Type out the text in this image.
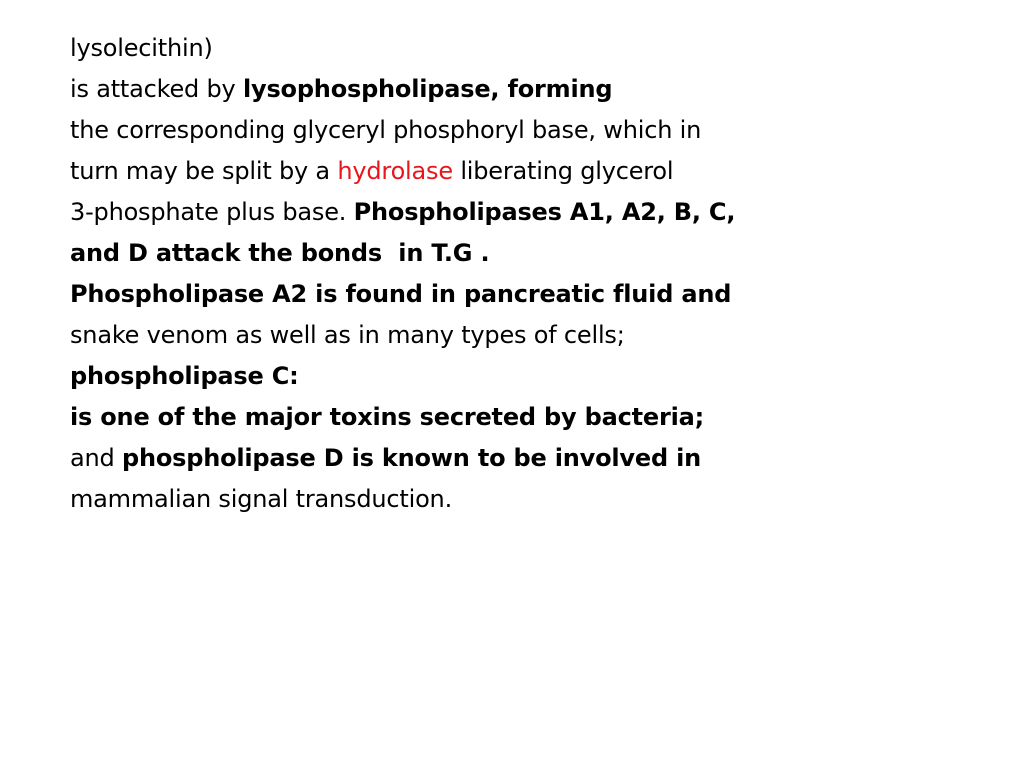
lysolecithin)
is attacked by lysophospholipase, forming
the corresponding glyceryl phosphoryl base, which in
turn may be split by a hydrolase liberating glycerol
3-phosphate plus base. Phospholipases A1, A2, B, C,
and D attack the bonds  in T.G .
Phospholipase A2 is found in pancreatic fluid and
snake venom as well as in many types of cells;
phospholipase C:
is one of the major toxins secreted by bacteria;
and phospholipase D is known to be involved in
mammalian signal transduction.
